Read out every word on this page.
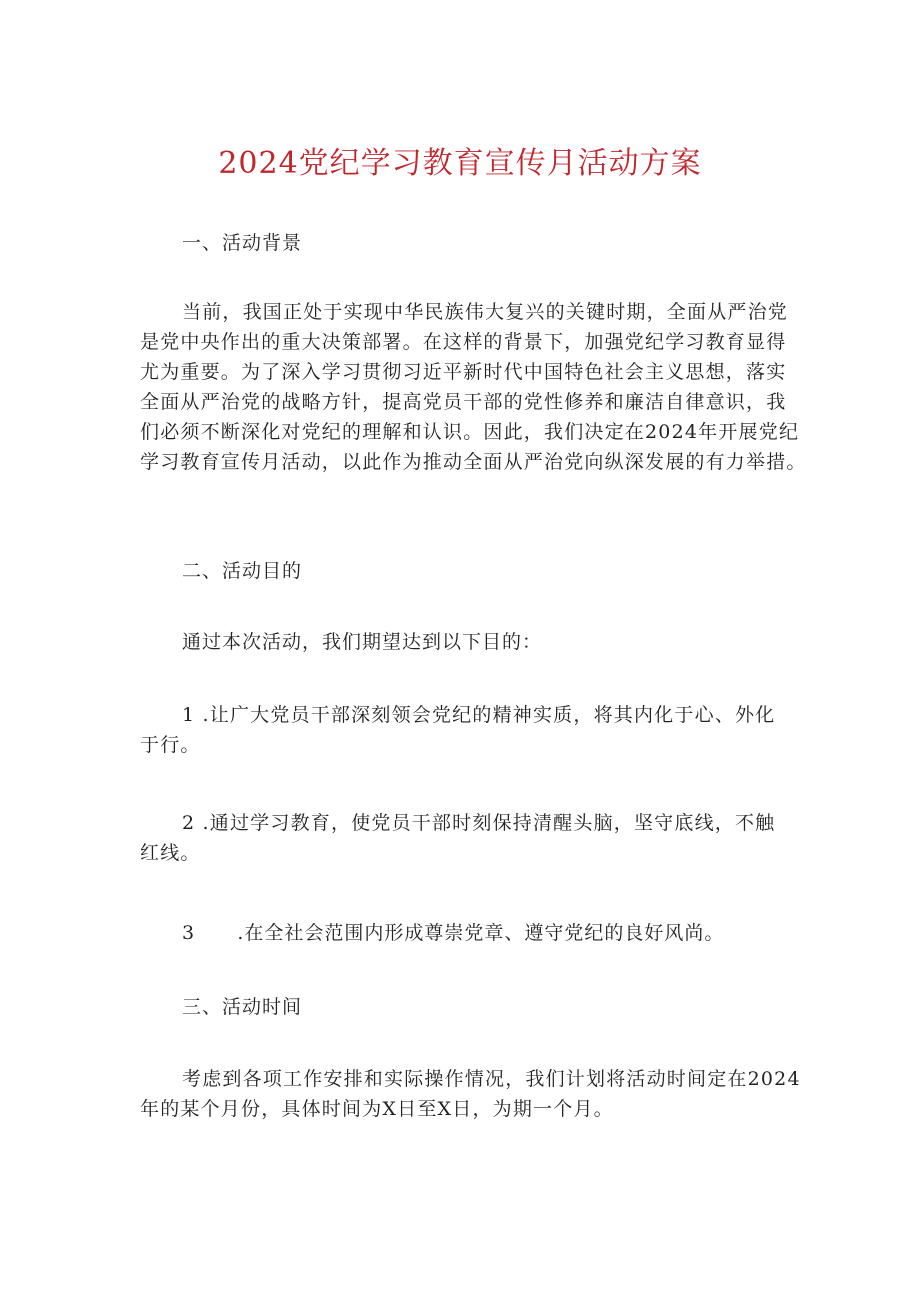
2024党纪学习教育宣传月活动方案
一、活动背景
当前，我国正处于实现中华民族伟大复兴的关键时期，全面从严治党
是党中央作出的重大决策部署。在这样的背景下，加强党纪学习教育显得
尤为重要。为了深入学习贯彻习近平新时代中国特色社会主义思想，落实
全面从严治党的战略方针，提高党员干部的党性修养和廉洁自律意识，我
们必须不断深化对党纪的理解和认识。因此，我们决定在2024年开展党纪
学习教育宣传月活动，以此作为推动全面从严治党向纵深发展的有力举措。
二、活动目的
通过本次活动，我们期望达到以下目的：
1 .让广大党员干部深刻领会党纪的精神实质，将其内化于心、外化
于行。
2 .通过学习教育，使党员干部时刻保持清醒头脑，坚守底线，不触
红线。
3      .在全社会范围内形成尊崇党章、遵守党纪的良好风尚。
三、活动时间
考虑到各项工作安排和实际操作情况，我们计划将活动时间定在2024
年的某个月份，具体时间为X日至X日，为期一个月。
